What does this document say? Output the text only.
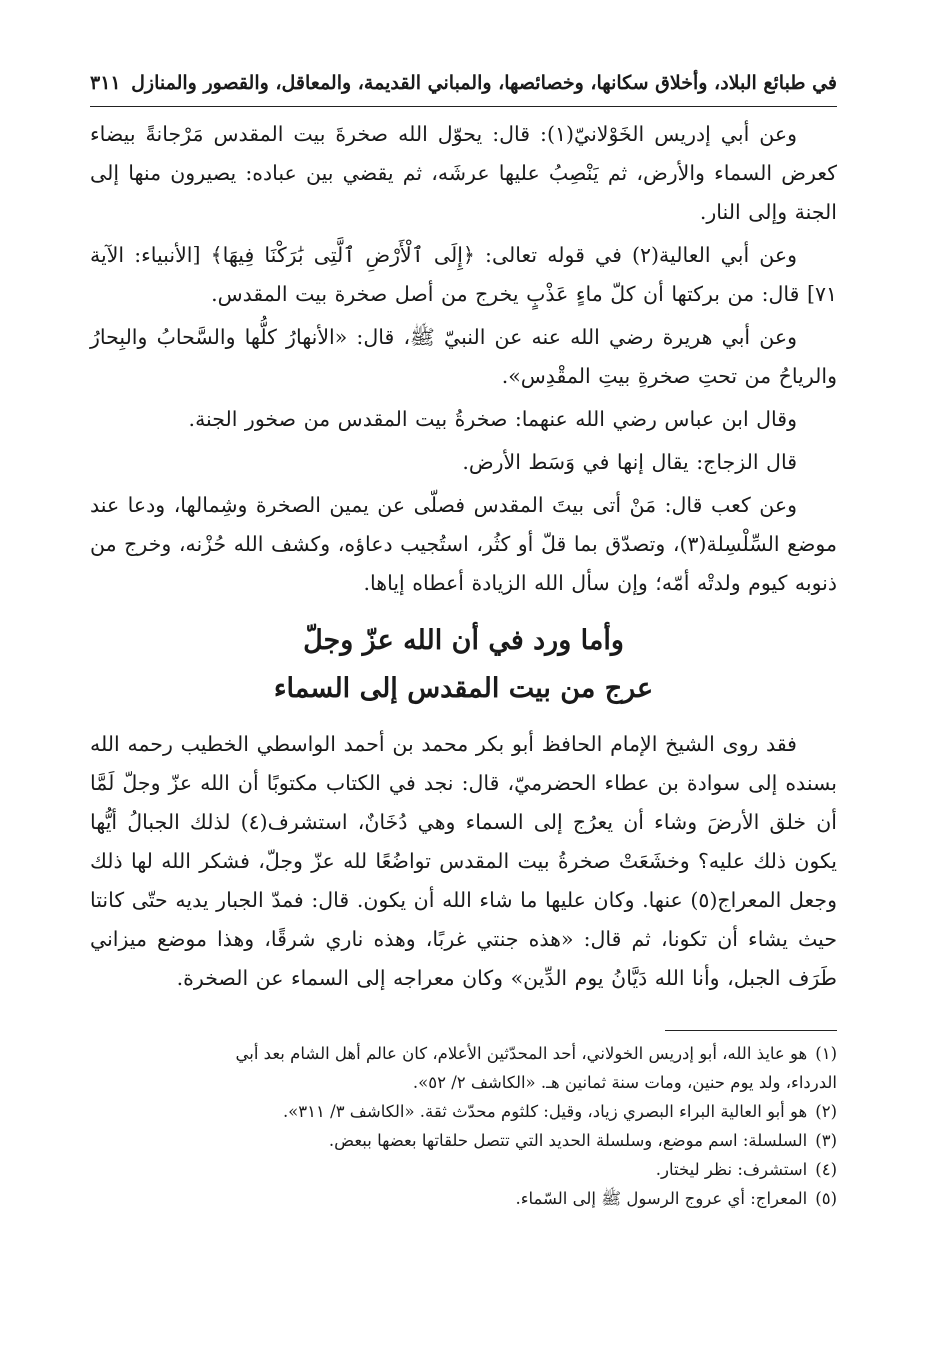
في طبائع البلاد، وأخلاق سكانها، وخصائصها، والمباني القديمة، والمعاقل، والقصور والمنازل
٣١١

وعن أبي إدريس الخَوْلانيّ(١): قال: يحوّل الله صخرةَ بيت المقدس مَرْجانةً بيضاء كعرض السماء والأرض، ثم يَنْصِبُ عليها عرشَه، ثم يقضي بين عباده: يصيرون منها إلى الجنة وإلى النار.

وعن أبي العالية(٢) في قوله تعالى: ﴿إِلَى ٱلْأَرْضِ ٱلَّتِى بَٰرَكْنَا فِيهَا﴾ [الأنبياء: الآية ٧١] قال: من بركتها أن كلّ ماءٍ عَذْبٍ يخرج من أصل صخرة بيت المقدس.

وعن أبي هريرة رضي الله عنه عن النبيّ ﷺ، قال: «الأنهارُ كلُّها والسَّحابُ والبِحارُ والرياحُ من تحتِ صخرةِ بيتِ المقْدِس».

وقال ابن عباس رضي الله عنهما: صخرةُ بيت المقدس من صخور الجنة.

قال الزجاج: يقال إنها في وَسَط الأرض.

وعن كعب قال: مَنْ أتى بيتَ المقدس فصلّى عن يمين الصخرة وشِمالها، ودعا عند موضع السِّلْسِلة(٣)، وتصدّق بما قلّ أو كثُر، استُجيب دعاؤه، وكشف الله حُزْنه، وخرج من ذنوبه كيوم ولدتْه أمّه؛ وإن سأل الله الزيادة أعطاه إياها.

وأما ورد في أن الله عزّ وجلّ
عرج من بيت المقدس إلى السماء

فقد روى الشيخ الإمام الحافظ أبو بكر محمد بن أحمد الواسطي الخطيب رحمه الله بسنده إلى سوادة بن عطاء الحضرميّ، قال: نجد في الكتاب مكتوبًا أن الله عزّ وجلّ لَمَّا أن خلق الأرضَ وشاء أن يعرُج إلى السماء وهي دُخَانٌ، استشرف(٤) لذلك الجبالُ أيُّها يكون ذلك عليه؟ وخشَعَتْ صخرةُ بيت المقدس تواضُعًا لله عزّ وجلّ، فشكر الله لها ذلك وجعل المعراج(٥) عنها. وكان عليها ما شاء الله أن يكون. قال: فمدّ الجبار يديه حتّى كانتا حيث يشاء أن تكونا، ثم قال: «هذه جنتي غربًا، وهذه ناري شرقًا، وهذا موضع ميزاني طَرَف الجبل، وأنا الله دَيَّانُ يوم الدِّين» وكان معراجه إلى السماء عن الصخرة.

(١)هو عايذ الله، أبو إدريس الخولاني، أحد المحدّثين الأعلام، كان عالم أهل الشام بعد أبي

الدرداء، ولد يوم حنين، ومات سنة ثمانين هـ. «الكاشف ٢/ ٥٢».

(٢)هو أبو العالية البراء البصري زياد، وقيل: كلثوم محدّث ثقة. «الكاشف ٣/ ٣١١».

(٣)السلسلة: اسم موضع، وسلسلة الحديد التي تتصل حلقاتها بعضها ببعض.

(٤)استشرف: نظر ليختار.

(٥)المعراج: أي عروج الرسول ﷺ إلى السّماء.
